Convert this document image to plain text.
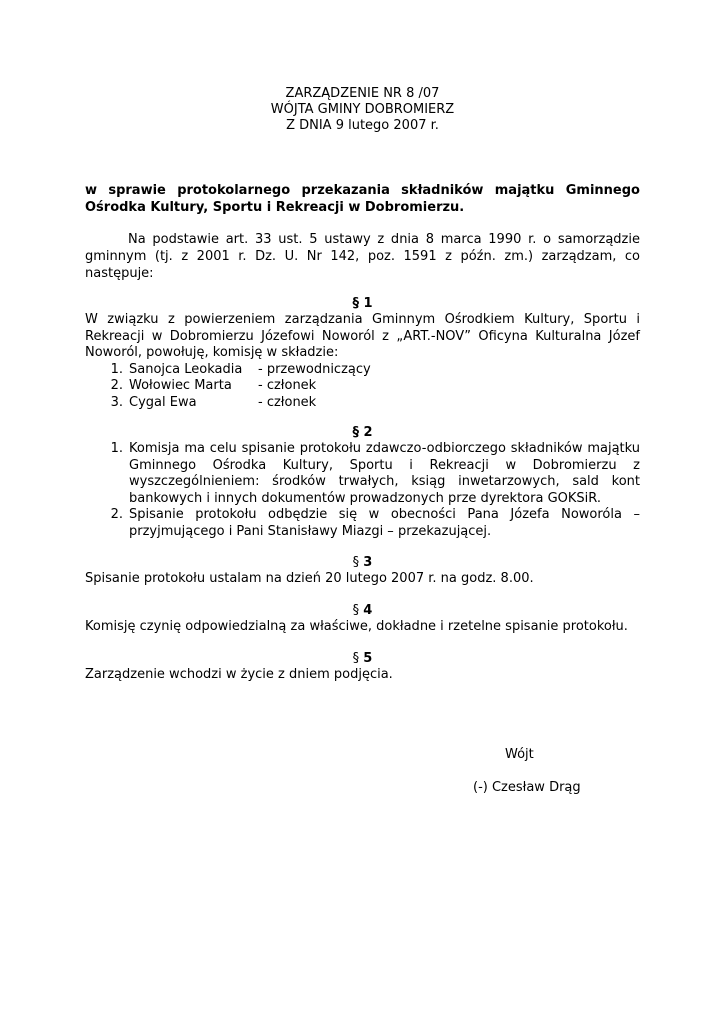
ZARZĄDZENIE NR 8 /07
WÓJTA GMINY DOBROMIERZ
Z DNIA 9 lutego 2007 r.
w sprawie protokolarnego przekazania składników majątku Gminnego Ośrodka Kultury, Sportu i Rekreacji w Dobromierzu.
Na podstawie art. 33 ust. 5 ustawy z dnia 8 marca 1990 r. o samorządzie gminnym (tj. z 2001 r. Dz. U. Nr 142, poz. 1591 z późn. zm.) zarządzam, co następuje:
§ 1
W związku z powierzeniem zarządzania Gminnym Ośrodkiem Kultury, Sportu i Rekreacji w Dobromierzu Józefowi Noworól z „ART.-NOV” Oficyna Kulturalna Józef Noworól, powołuję, komisję w składzie:
1. Sanojca Leokadia	- przewodniczący
2. Wołowiec Marta	- członek
3. Cygal Ewa	- członek
§ 2
1. Komisja ma celu spisanie protokołu zdawczo-odbiorczego składników majątku Gminnego Ośrodka Kultury, Sportu i Rekreacji w Dobromierzu z wyszczególnieniem: środków trwałych, ksiąg inwetarzowych, sald kont bankowych i innych dokumentów prowadzonych prze dyrektora GOKSiR.
2. Spisanie protokołu odbędzie się w obecności Pana Józefa Noworóla – przyjmującego i Pani Stanisławy Miazgi – przekazującej.
§ 3
Spisanie protokołu ustalam na dzień 20 lutego 2007 r. na godz. 8.00.
§ 4
Komisję czynię odpowiedzialną za właściwe, dokładne i rzetelne spisanie protokołu.
§ 5
Zarządzenie wchodzi w życie z dniem podjęcia.
Wójt
(-) Czesław Drąg
